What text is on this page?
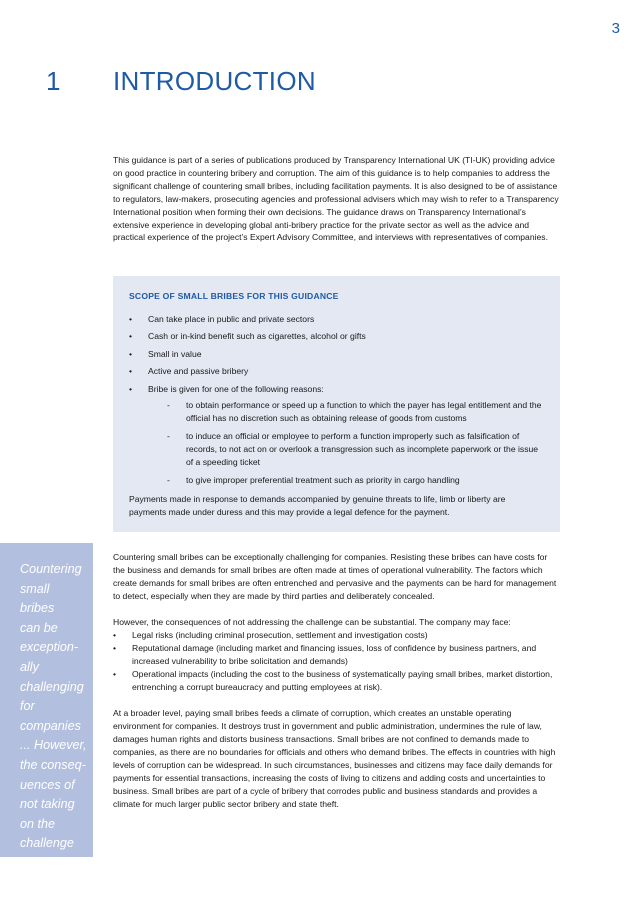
3
1 INTRODUCTION

This guidance is part of a series of publications produced by Transparency International UK (TI-UK) providing advice on good practice in countering bribery and corruption. The aim of this guidance is to help companies to address the significant challenge of countering small bribes, including facilitation payments. It is also designed to be of assistance to regulators, law-makers, prosecuting agencies and professional advisers which may wish to refer to a Transparency International position when forming their own decisions. The guidance draws on Transparency International’s extensive experience in developing global anti-bribery practice for the private sector as well as the advice and practical experience of the project’s Expert Advisory Committee, and interviews with representatives of companies.

SCOPE OF SMALL BRIBES FOR THIS GUIDANCE
• Can take place in public and private sectors
• Cash or in-kind benefit such as cigarettes, alcohol or gifts
• Small in value
• Active and passive bribery
• Bribe is given for one of the following reasons:
- to obtain performance or speed up a function to which the payer has legal entitlement and the official has no discretion such as obtaining release of goods from customs
- to induce an official or employee to perform a function improperly such as falsification of records, to not act on or overlook a transgression such as incomplete paperwork or the issue of a speeding ticket
- to give improper preferential treatment such as priority in cargo handling

Payments made in response to demands accompanied by genuine threats to life, limb or liberty are payments made under duress and this may provide a legal defence for the payment.

Countering
small
bribes
can be
exception-
ally
challenging
for
companies
... However,
the conseq-
uences of
not taking
on the
challenge
can be
substantial

Countering small bribes can be exceptionally challenging for companies. Resisting these bribes can have costs for the business and demands for small bribes are often made at times of operational vulnerability. The factors which create demands for small bribes are often entrenched and pervasive and the payments can be hard for management to detect, especially when they are made by third parties and deliberately concealed.

However, the consequences of not addressing the challenge can be substantial. The company may face:

• Legal risks (including criminal prosecution, settlement and investigation costs)
• Reputational damage (including market and financing issues, loss of confidence by business partners, and increased vulnerability to bribe solicitation and demands)
• Operational impacts (including the cost to the business of systematically paying small bribes, market distortion, entrenching a corrupt bureaucracy and putting employees at risk).

At a broader level, paying small bribes feeds a climate of corruption, which creates an unstable operating environment for companies. It destroys trust in government and public administration, undermines the rule of law, damages human rights and distorts business transactions. Small bribes are not confined to demands made to companies, as there are no boundaries for officials and others who demand bribes. The effects in countries with high levels of corruption can be widespread. In such circumstances, businesses and citizens may face daily demands for payments for essential transactions, increasing the costs of living to citizens and adding costs and uncertainties to business. Small bribes are part of a cycle of bribery that corrodes public and business standards and provides a climate for much larger public sector bribery and state theft.
